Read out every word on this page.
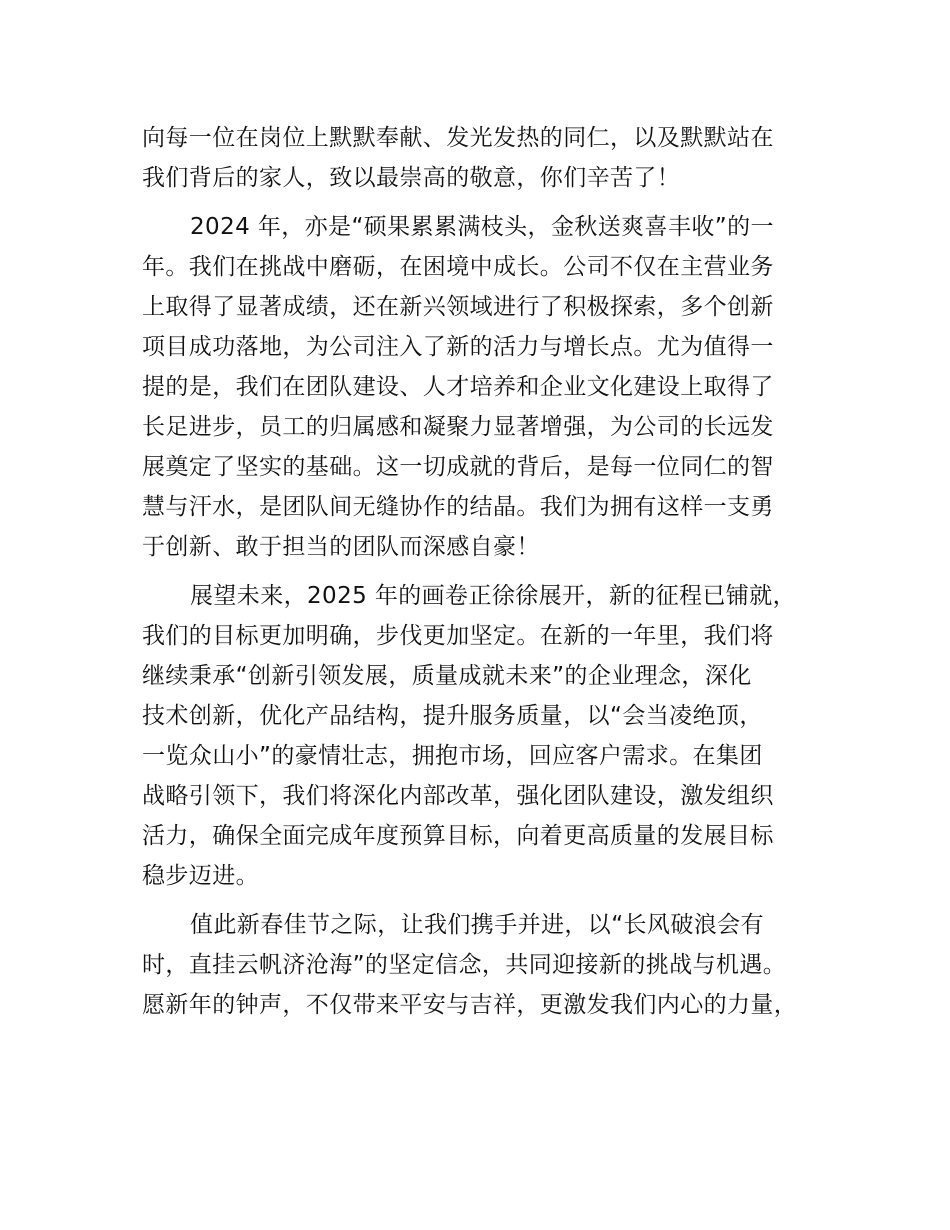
向每一位在岗位上默默奉献、发光发热的同仁，以及默默站在
我们背后的家人，致以最崇高的敬意，你们辛苦了！

2024 年，亦是“硕果累累满枝头，金秋送爽喜丰收”的一
年。我们在挑战中磨砺，在困境中成长。公司不仅在主营业务
上取得了显著成绩，还在新兴领域进行了积极探索，多个创新
项目成功落地，为公司注入了新的活力与增长点。尤为值得一
提的是，我们在团队建设、人才培养和企业文化建设上取得了
长足进步，员工的归属感和凝聚力显著增强，为公司的长远发
展奠定了坚实的基础。这一切成就的背后，是每一位同仁的智
慧与汗水，是团队间无缝协作的结晶。我们为拥有这样一支勇
于创新、敢于担当的团队而深感自豪！

展望未来，2025 年的画卷正徐徐展开，新的征程已铺就，
我们的目标更加明确，步伐更加坚定。在新的一年里，我们将
继续秉承“创新引领发展，质量成就未来”的企业理念，深化
技术创新，优化产品结构，提升服务质量，以“会当凌绝顶，
一览众山小”的豪情壮志，拥抱市场，回应客户需求。在集团
战略引领下，我们将深化内部改革，强化团队建设，激发组织
活力，确保全面完成年度预算目标，向着更高质量的发展目标
稳步迈进。

值此新春佳节之际，让我们携手并进，以“长风破浪会有
时，直挂云帆济沧海”的坚定信念，共同迎接新的挑战与机遇。
愿新年的钟声，不仅带来平安与吉祥，更激发我们内心的力量，
